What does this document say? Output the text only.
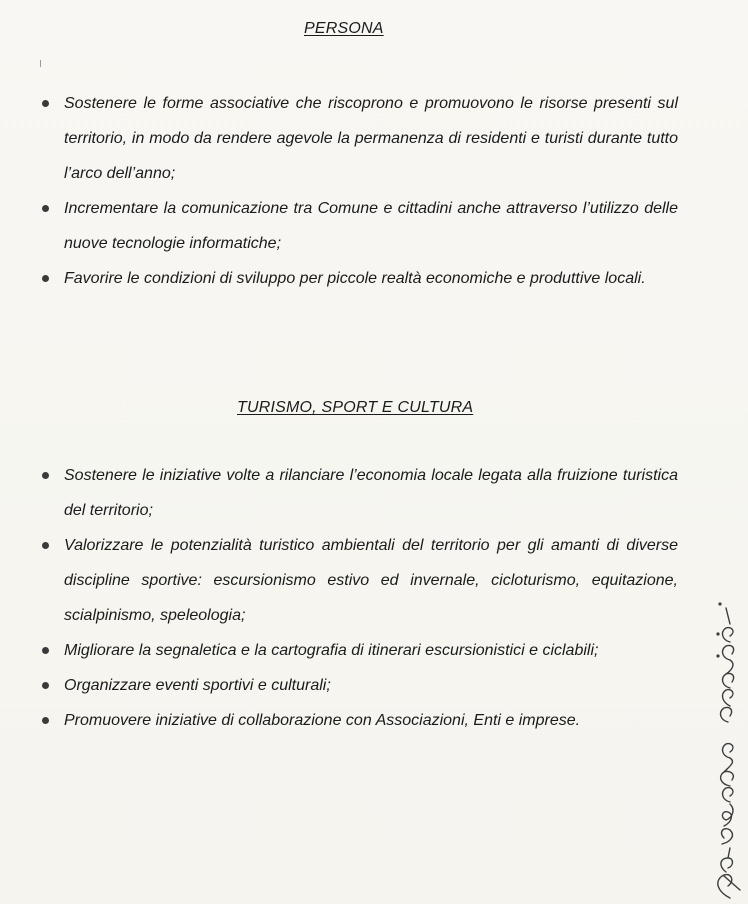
PERSONA
Sostenere le forme associative che riscoprono e promuovono le risorse presenti sul territorio, in modo da rendere agevole la permanenza di residenti e turisti durante tutto l’arco dell’anno;
Incrementare la comunicazione tra Comune e cittadini anche attraverso l’utilizzo delle nuove tecnologie informatiche;
Favorire le condizioni di sviluppo per piccole realtà economiche e produttive locali.
TURISMO, SPORT E CULTURA
Sostenere le iniziative volte a rilanciare l’economia locale legata alla fruizione turistica del territorio;
Valorizzare le potenzialità turistico ambientali del territorio per gli amanti di diverse discipline sportive: escursionismo estivo ed invernale, cicloturismo, equitazione, scialpinismo, speleologia;
Migliorare la segnaletica e la cartografia di itinerari escursionistici e ciclabili;
Organizzare eventi sportivi e culturali;
Promuovere iniziative di collaborazione con Associazioni, Enti e imprese.
